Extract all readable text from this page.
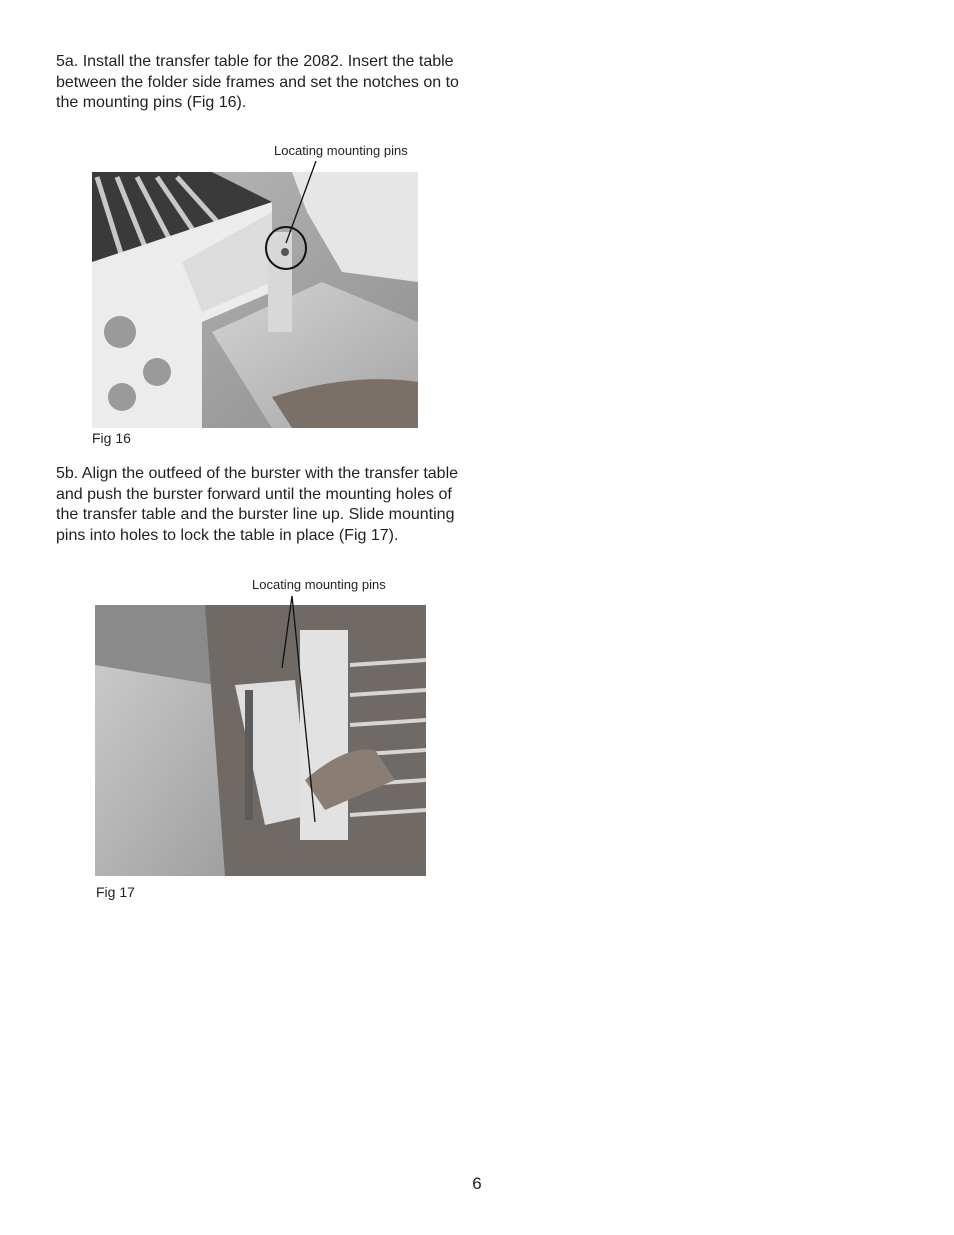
5a. Install the transfer table for the 2082. Insert the table between the folder side frames and set the notches on to the mounting pins (Fig 16).

Locating mounting pins
Fig 16

5b. Align the outfeed of the burster with the transfer table and push the burster forward until the mounting holes of the transfer table and the burster line up. Slide mounting pins into holes to lock the table in place (Fig 17).

Locating mounting pins
Fig 17
6
